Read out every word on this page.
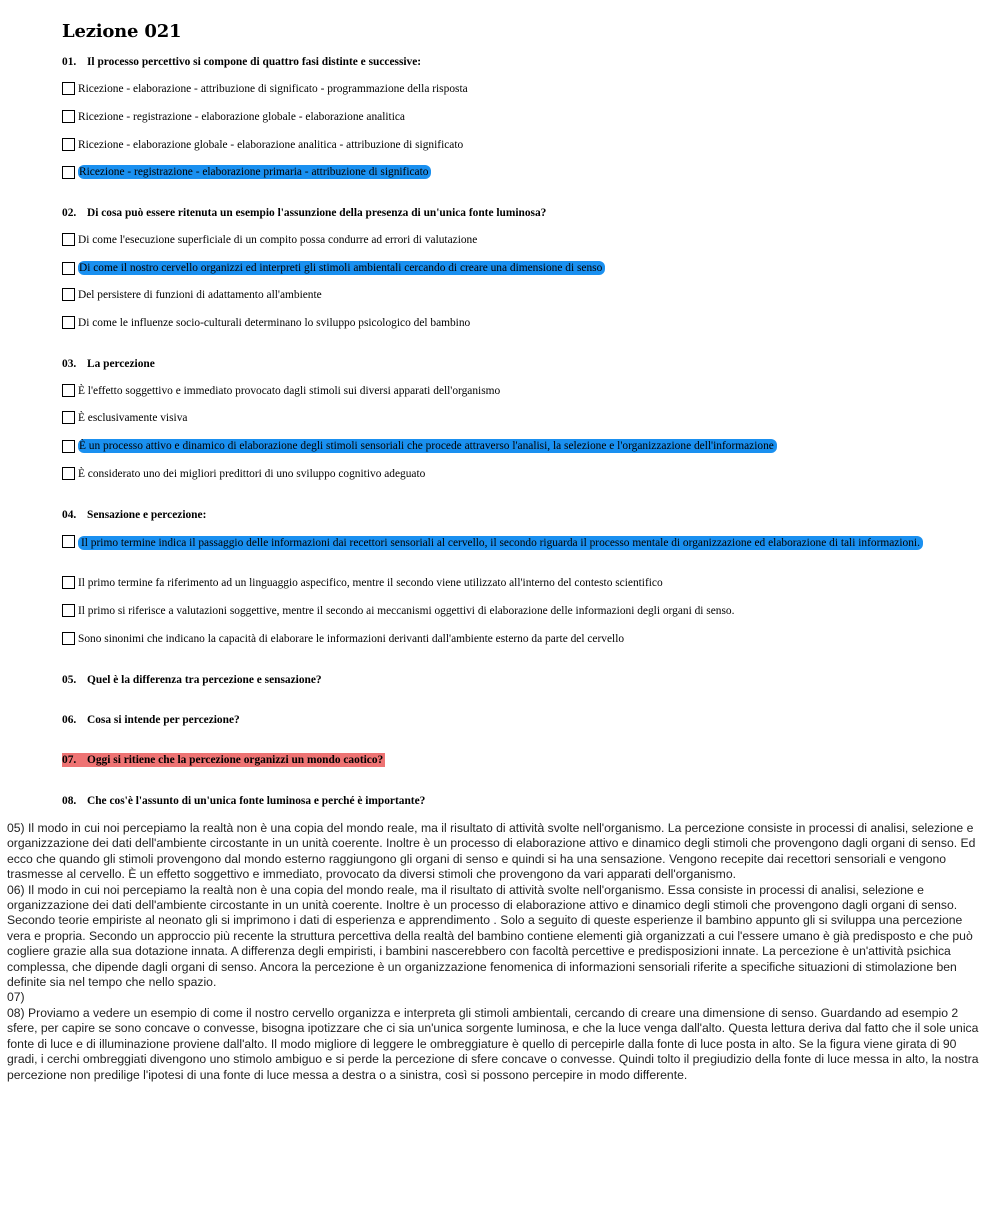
Lezione 021
01. Il processo percettivo si compone di quattro fasi distinte e successive:
Ricezione - elaborazione - attribuzione di significato - programmazione della risposta
Ricezione - registrazione - elaborazione globale - elaborazione analitica
Ricezione - elaborazione globale - elaborazione analitica - attribuzione di significato
Ricezione - registrazione - elaborazione primaria - attribuzione di significato
02. Di cosa può essere ritenuta un esempio l'assunzione della presenza di un'unica fonte luminosa?
Di come l'esecuzione superficiale di un compito possa condurre ad errori di valutazione
Di come il nostro cervello organizzi ed interpreti gli stimoli ambientali cercando di creare una dimensione di senso
Del persistere di funzioni di adattamento all'ambiente
Di come le influenze socio-culturali determinano lo sviluppo psicologico del bambino
03. La percezione
È l'effetto soggettivo e immediato provocato dagli stimoli sui diversi apparati dell'organismo
È esclusivamente visiva
È un processo attivo e dinamico di elaborazione degli stimoli sensoriali che procede attraverso l'analisi, la selezione e l'organizzazione dell'informazione
È considerato uno dei migliori predittori di uno sviluppo cognitivo adeguato
04. Sensazione e percezione:
Il primo termine indica il passaggio delle informazioni dai recettori sensoriali al cervello, il secondo riguarda il processo mentale di organizzazione ed elaborazione di tali informazioni.
Il primo termine fa riferimento ad un linguaggio aspecifico, mentre il secondo viene utilizzato all'interno del contesto scientifico
Il primo si riferisce a valutazioni soggettive, mentre il secondo ai meccanismi oggettivi di elaborazione delle informazioni degli organi di senso.
Sono sinonimi che indicano la capacità di elaborare le informazioni derivanti dall'ambiente esterno da parte del cervello
05. Quel è la differenza tra percezione e sensazione?
06. Cosa si intende per percezione?
07. Oggi si ritiene che la percezione organizzi un mondo caotico?
08. Che cos'è l'assunto di un'unica fonte luminosa e perché è importante?

05) Il modo in cui noi percepiamo la realtà non è una copia del mondo reale, ma il risultato di attività svolte nell'organismo. La percezione consiste in processi di analisi, selezione e organizzazione dei dati dell'ambiente circostante in un unità coerente. Inoltre è un processo di elaborazione attivo e dinamico degli stimoli che provengono dagli organi di senso. Ed ecco che quando gli stimoli provengono dal mondo esterno raggiungono gli organi di senso e quindi si ha una sensazione. Vengono recepite dai recettori sensoriali e vengono trasmesse al cervello. È un effetto soggettivo e immediato, provocato da diversi stimoli che provengono da vari apparati dell'organismo.

06) Il modo in cui noi percepiamo la realtà non è una copia del mondo reale, ma il risultato di attività svolte nell'organismo. Essa consiste in processi di analisi, selezione e organizzazione dei dati dell'ambiente circostante in un unità coerente. Inoltre è un processo di elaborazione attivo e dinamico degli stimoli che provengono dagli organi di senso. Secondo teorie empiriste al neonato gli si imprimono i dati di esperienza e apprendimento . Solo a seguito di queste esperienze il bambino appunto gli si sviluppa una percezione vera e propria. Secondo un approccio più recente la struttura percettiva della realtà del bambino contiene elementi già organizzati a cui l'essere umano è già predisposto e che può cogliere grazie alla sua dotazione innata. A differenza degli empiristi, i bambini nascerebbero con facoltà percettive e predisposizioni innate. La percezione è un'attività psichica complessa, che dipende dagli organi di senso. Ancora la percezione è un organizzazione fenomenica di informazioni sensoriali riferite a specifiche situazioni di stimolazione ben definite sia nel tempo che nello spazio.

07)

08) Proviamo a vedere un esempio di come il nostro cervello organizza e interpreta gli stimoli ambientali, cercando di creare una dimensione di senso. Guardando ad esempio 2 sfere, per capire se sono concave o convesse, bisogna ipotizzare che ci sia un'unica sorgente luminosa, e che la luce venga dall'alto. Questa lettura deriva dal fatto che il sole unica fonte di luce e di illuminazione proviene dall'alto. Il modo migliore di leggere le ombreggiature è quello di percepirle dalla fonte di luce posta in alto. Se la figura viene girata di 90 gradi, i cerchi ombreggiati divengono uno stimolo ambiguo e si perde la percezione di sfere concave o convesse. Quindi tolto il pregiudizio della fonte di luce messa in alto, la nostra percezione non predilige l'ipotesi di una fonte di luce messa a destra o a sinistra, così si possono percepire in modo differente.
